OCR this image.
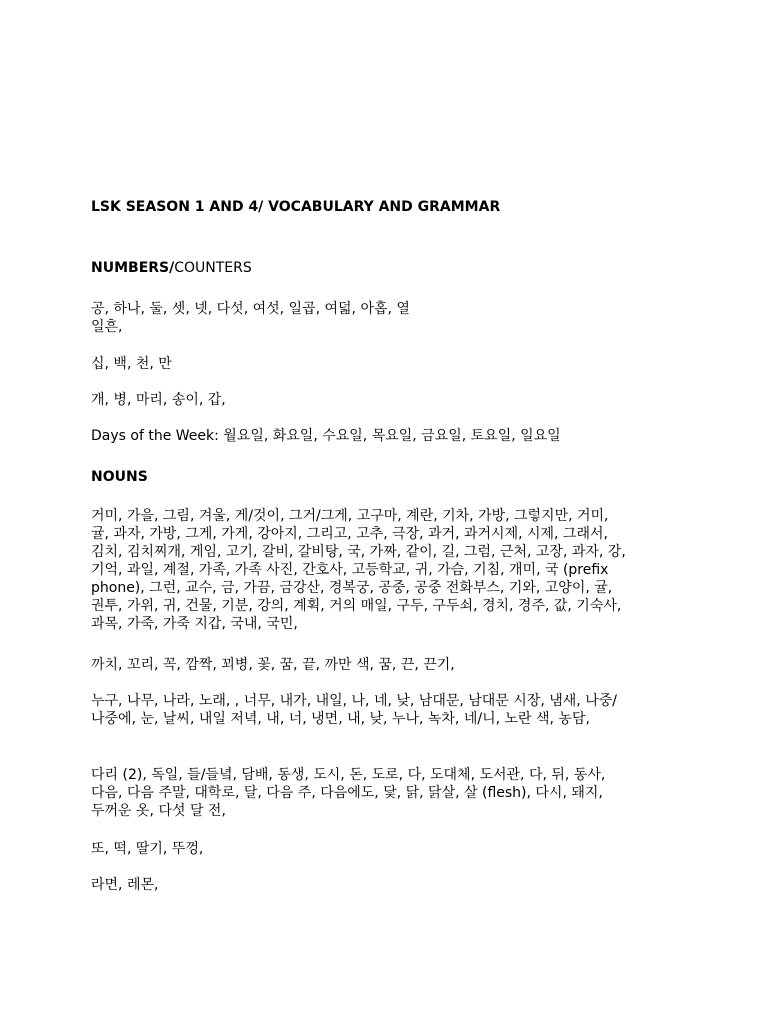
LSK SEASON 1 AND 4/ VOCABULARY AND GRAMMAR
NUMBERS/COUNTERS
공, 하나, 둘, 셋, 넷, 다섯, 여섯, 일곱, 여덟, 아홉, 열
일흔,
십, 백, 천, 만
개, 병, 마리, 송이, 갑,
Days of the Week: 월요일, 화요일, 수요일, 목요일, 금요일, 토요일, 일요일
NOUNS
거미, 가을, 그림, 겨울, 게/것이, 그거/그게, 고구마, 계란, 기차, 가방, 그렇지만, 거미,
귤, 과자, 가방, 그게, 가게, 강아지, 그리고, 고추, 극장, 과거, 과거시제, 시제, 그래서,
김치, 김치찌개, 게임, 고기, 갈비, 갈비탕, 국, 가짜, 같이, 길, 그럼, 근처, 고장, 과자, 강,
기억, 과일, 계절, 가족, 가족 사진, 간호사, 고등학교, 귀, 가슴, 기침, 개미, 국 (prefix
phone), 그런, 교수, 금, 가끔, 금강산, 경복궁, 공중, 공중 전화부스, 기와, 고양이, 귤,
권투, 가위, 귀, 건물, 기분, 강의, 계획, 거의 매일, 구두, 구두쇠, 경치, 경주, 값, 기숙사,
과목, 가죽, 가죽 지갑, 국내, 국민,
까치, 꼬리, 꼭, 깜짝, 꾀병, 꽃, 꿈, 끝, 까만 색, 꿈, 끈, 끈기,
누구, 나무, 나라, 노래, , 너무, 내가, 내일, 나, 네, 낮, 남대문, 남대문 시장, 냄새, 나중/
나중에, 눈, 날씨, 내일 저녁, 내, 너, 냉면, 내, 낮, 누나, 녹차, 네/니, 노란 색, 농담,
다리 (2), 독일, 들/들녘, 담배, 동생, 도시, 돈, 도로, 다, 도대체, 도서관, 다, 뒤, 동사,
다음, 다음 주말, 대학로, 달, 다음 주, 다음에도, 닻, 닭, 닭살, 살 (flesh), 다시, 돼지,
두꺼운 옷, 다섯 달 전,
또, 떡, 딸기, 뚜껑,
라면, 레몬,
